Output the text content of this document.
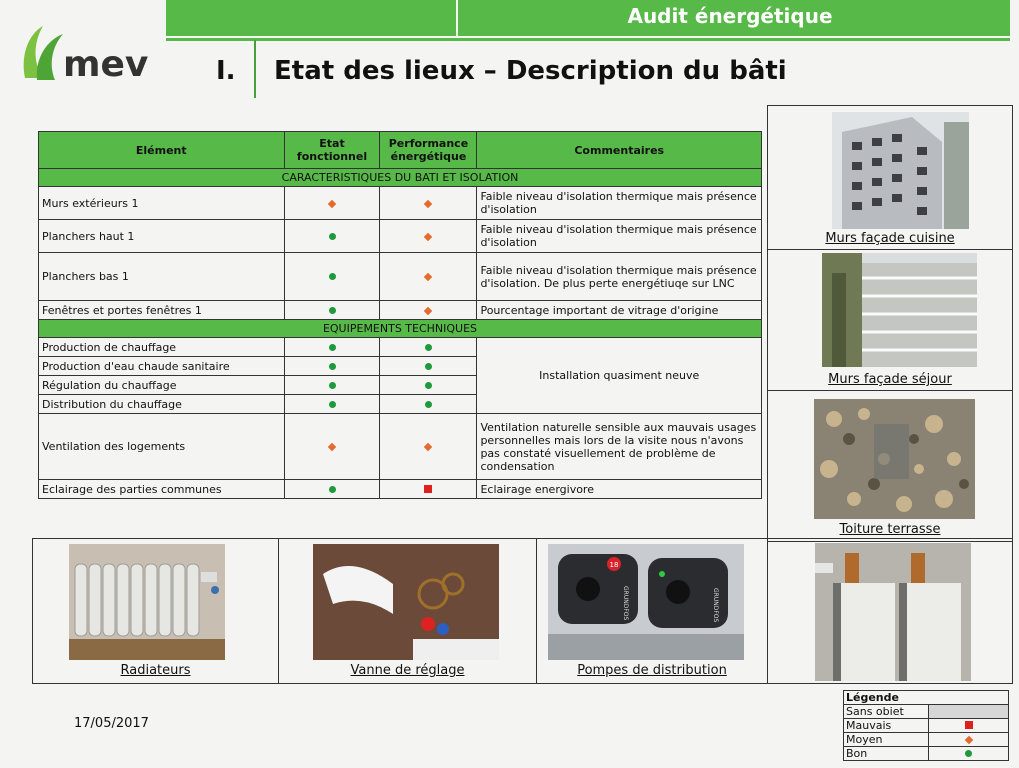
Audit énergétique
mev	I. Etat des lieux – Description du bâti
Elément	Etat fonctionnel	Performance énergétique	Commentaires
CARACTERISTIQUES DU BATI ET ISOLATION			
Murs extérieurs 1			Faible niveau d'isolation thermique mais présence d'isolation
Planchers haut 1			Faible niveau d'isolation thermique mais présence d'isolation
Planchers bas 1			Faible niveau d'isolation thermique mais présence d'isolation. De plus perte energétiuqe sur LNC
Fenêtres et portes fenêtres 1			Pourcentage important de vitrage d'origine
EQUIPEMENTS TECHNIQUES			
Production de chauffage			Installation quasiment neuve
Production d'eau chaude sanitaire			
Régulation du chauffage			
Distribution du chauffage			
Ventilation des logements			Ventilation naturelle sensible aux mauvais usages personnelles mais lors de la visite nous n'avons pas constaté visuellement de problème de condensation
Eclairage des parties communes			Eclairage energivore
Murs façade cuisine
Murs façade séjour
Toiture terrasse
Radiateurs	Vanne de réglage
18
GRUNDFOS	GRUNDFOS
Pompes de distribution
Légende	
Sans obiet	
Mauvais	
Moyen	
Bon	
17/05/2017
